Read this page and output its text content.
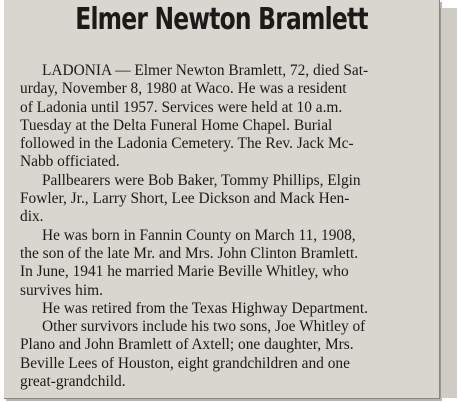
Elmer Newton Bramlett
LADONIA — Elmer Newton Bramlett, 72, died Sat-
urday, November 8, 1980 at Waco. He was a resident
of Ladonia until 1957. Services were held at 10 a.m.
Tuesday at the Delta Funeral Home Chapel. Burial
followed in the Ladonia Cemetery. The Rev. Jack Mc-
Nabb officiated.
Pallbearers were Bob Baker, Tommy Phillips, Elgin
Fowler, Jr., Larry Short, Lee Dickson and Mack Hen-
dix.
He was born in Fannin County on March 11, 1908,
the son of the late Mr. and Mrs. John Clinton Bramlett.
In June, 1941 he married Marie Beville Whitley, who
survives him.
He was retired from the Texas Highway Department.
Other survivors include his two sons, Joe Whitley of
Plano and John Bramlett of Axtell; one daughter, Mrs.
Beville Lees of Houston, eight grandchildren and one
great-grandchild.
